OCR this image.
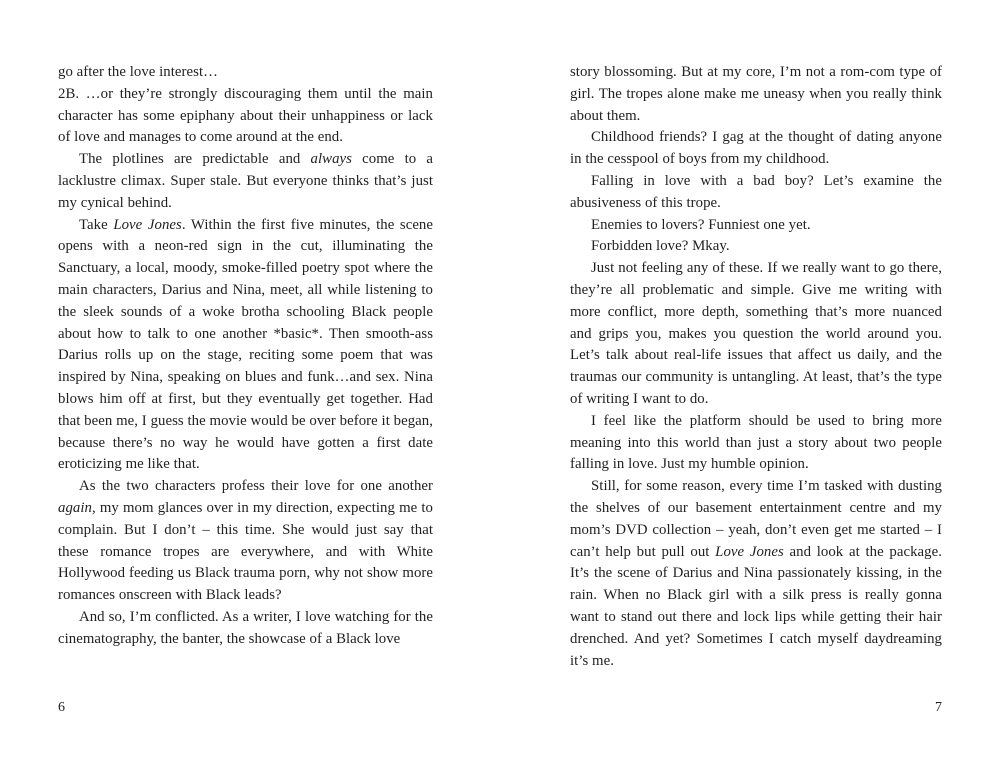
go after the love interest…

2B. …or they’re strongly discouraging them until the main character has some epiphany about their unhappiness or lack of love and manages to come around at the end.

The plotlines are predictable and always come to a lacklustre climax. Super stale. But everyone thinks that’s just my cynical behind.

Take Love Jones. Within the first five minutes, the scene opens with a neon-red sign in the cut, illuminating the Sanctuary, a local, moody, smoke-filled poetry spot where the main characters, Darius and Nina, meet, all while listening to the sleek sounds of a woke brotha schooling Black people about how to talk to one another *basic*. Then smooth-ass Darius rolls up on the stage, reciting some poem that was inspired by Nina, speaking on blues and funk…and sex. Nina blows him off at first, but they eventually get together. Had that been me, I guess the movie would be over before it began, because there’s no way he would have gotten a first date eroticizing me like that.

As the two characters profess their love for one another again, my mom glances over in my direction, expecting me to complain. But I don’t – this time. She would just say that these romance tropes are everywhere, and with White Hollywood feeding us Black trauma porn, why not show more romances onscreen with Black leads?

And so, I’m conflicted. As a writer, I love watching for the cinematography, the banter, the showcase of a Black love

story blossoming. But at my core, I’m not a rom-com type of girl. The tropes alone make me uneasy when you really think about them.

Childhood friends? I gag at the thought of dating anyone in the cesspool of boys from my childhood.

Falling in love with a bad boy? Let’s examine the abusiveness of this trope.

Enemies to lovers? Funniest one yet.

Forbidden love? Mkay.

Just not feeling any of these. If we really want to go there, they’re all problematic and simple. Give me writing with more conflict, more depth, something that’s more nuanced and grips you, makes you question the world around you. Let’s talk about real-life issues that affect us daily, and the traumas our community is untangling. At least, that’s the type of writing I want to do.

I feel like the platform should be used to bring more meaning into this world than just a story about two people falling in love. Just my humble opinion.

Still, for some reason, every time I’m tasked with dusting the shelves of our basement entertainment centre and my mom’s DVD collection – yeah, don’t even get me started – I can’t help but pull out Love Jones and look at the package. It’s the scene of Darius and Nina passionately kissing, in the rain. When no Black girl with a silk press is really gonna want to stand out there and lock lips while getting their hair drenched. And yet? Sometimes I catch myself daydreaming it’s me.

6	7
